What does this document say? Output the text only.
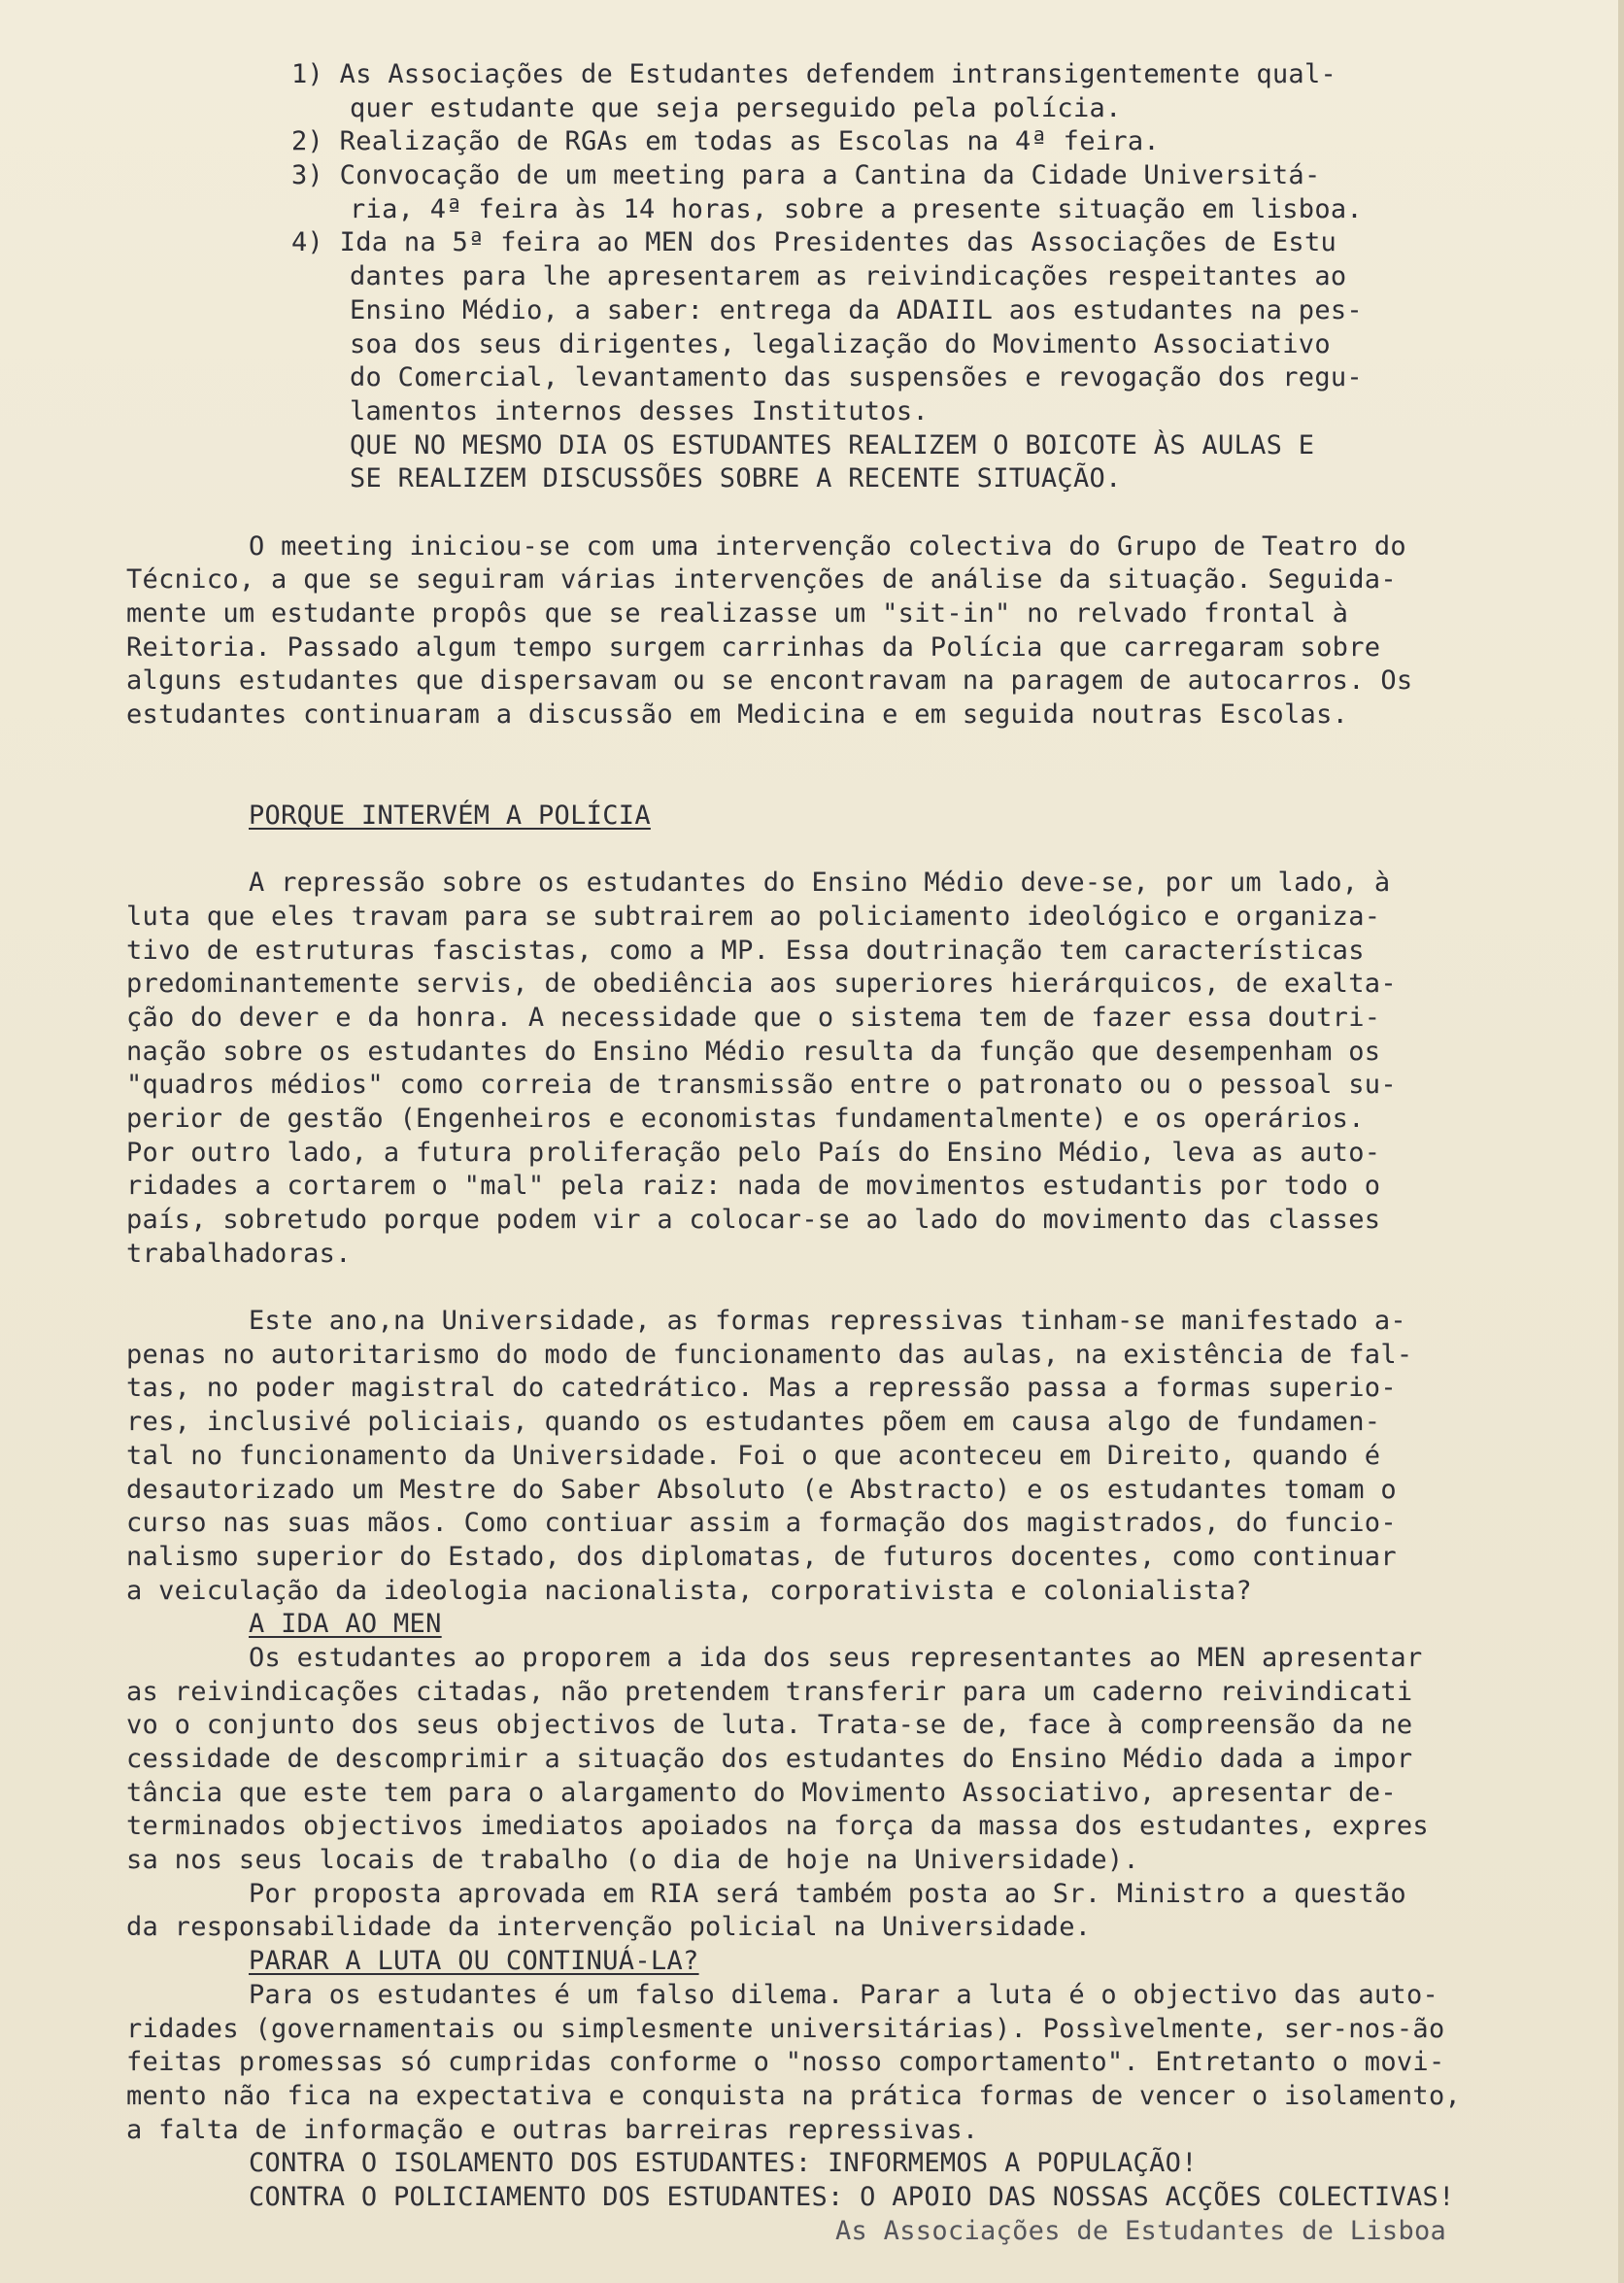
1) As Associações de Estudantes defendem intransigentemente qual-
quer estudante que seja perseguido pela polícia.
2) Realização de RGAs em todas as Escolas na 4ª feira.
3) Convocação de um meeting para a Cantina da Cidade Universitá-
ria, 4ª feira às 14 horas, sobre a presente situação em lisboa.
4) Ida na 5ª feira ao MEN dos Presidentes das Associações de Estu
dantes para lhe apresentarem as reivindicações respeitantes ao
Ensino Médio, a saber: entrega da ADAIIL aos estudantes na pes-
soa dos seus dirigentes, legalização do Movimento Associativo
do Comercial, levantamento das suspensões e revogação dos regu-
lamentos internos desses Institutos.
QUE NO MESMO DIA OS ESTUDANTES REALIZEM O BOICOTE ÀS AULAS E
SE REALIZEM DISCUSSÕES SOBRE A RECENTE SITUAÇÃO.
O meeting iniciou-se com uma intervenção colectiva do Grupo de Teatro do
Técnico, a que se seguiram várias intervenções de análise da situação. Seguida-
mente um estudante propôs que se realizasse um "sit-in" no relvado frontal à
Reitoria. Passado algum tempo surgem carrinhas da Polícia que carregaram sobre
alguns estudantes que dispersavam ou se encontravam na paragem de autocarros. Os
estudantes continuaram a discussão em Medicina e em seguida noutras Escolas.
PORQUE INTERVÉM A POLÍCIA
A repressão sobre os estudantes do Ensino Médio deve-se, por um lado, à
luta que eles travam para se subtrairem ao policiamento ideológico e organiza-
tivo de estruturas fascistas, como a MP. Essa doutrinação tem características
predominantemente servis, de obediência aos superiores hierárquicos, de exalta-
ção do dever e da honra. A necessidade que o sistema tem de fazer essa doutri-
nação sobre os estudantes do Ensino Médio resulta da função que desempenham os
"quadros médios" como correia de transmissão entre o patronato ou o pessoal su-
perior de gestão (Engenheiros e economistas fundamentalmente) e os operários.
Por outro lado, a futura proliferação pelo País do Ensino Médio, leva as auto-
ridades a cortarem o "mal" pela raiz: nada de movimentos estudantis por todo o
país, sobretudo porque podem vir a colocar-se ao lado do movimento das classes
trabalhadoras.
Este ano,na Universidade, as formas repressivas tinham-se manifestado a-
penas no autoritarismo do modo de funcionamento das aulas, na existência de fal-
tas, no poder magistral do catedrático. Mas a repressão passa a formas superio-
res, inclusivé policiais, quando os estudantes põem em causa algo de fundamen-
tal no funcionamento da Universidade. Foi o que aconteceu em Direito, quando é
desautorizado um Mestre do Saber Absoluto (e Abstracto) e os estudantes tomam o
curso nas suas mãos. Como contiuar assim a formação dos magistrados, do funcio-
nalismo superior do Estado, dos diplomatas, de futuros docentes, como continuar
a veiculação da ideologia nacionalista, corporativista e colonialista?
A IDA AO MEN
Os estudantes ao proporem a ida dos seus representantes ao MEN apresentar
as reivindicações citadas, não pretendem transferir para um caderno reivindicati
vo o conjunto dos seus objectivos de luta. Trata-se de, face à compreensão da ne
cessidade de descomprimir a situação dos estudantes do Ensino Médio dada a impor
tância que este tem para o alargamento do Movimento Associativo, apresentar de-
terminados objectivos imediatos apoiados na força da massa dos estudantes, expres
sa nos seus locais de trabalho (o dia de hoje na Universidade).
Por proposta aprovada em RIA será também posta ao Sr. Ministro a questão
da responsabilidade da intervenção policial na Universidade.
PARAR A LUTA OU CONTINUÁ-LA?
Para os estudantes é um falso dilema. Parar a luta é o objectivo das auto-
ridades (governamentais ou simplesmente universitárias). Possìvelmente, ser-nos-ão
feitas promessas só cumpridas conforme o "nosso comportamento". Entretanto o movi-
mento não fica na expectativa e conquista na prática formas de vencer o isolamento,
a falta de informação e outras barreiras repressivas.
CONTRA O ISOLAMENTO DOS ESTUDANTES: INFORMEMOS A POPULAÇÃO!
CONTRA O POLICIAMENTO DOS ESTUDANTES: O APOIO DAS NOSSAS ACÇÕES COLECTIVAS!
As Associações de Estudantes de Lisboa
